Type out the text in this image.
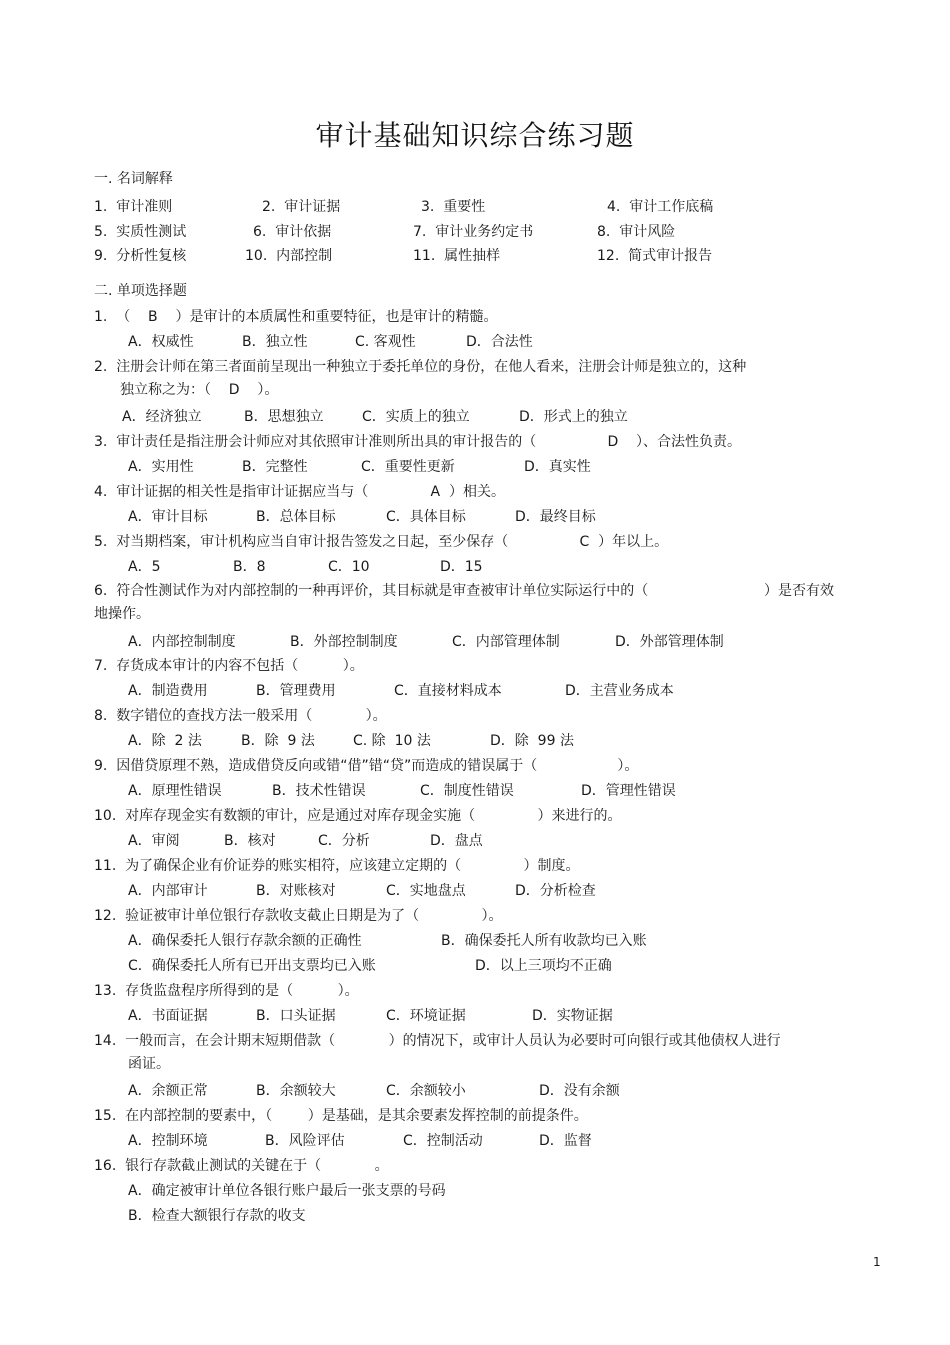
审计基础知识综合练习题
一. 名词解释
1.  审计准则	2.  审计证据	3.  重要性	4.  审计工作底稿
5.  实质性测试	6.  审计依据	7.  审计业务约定书	8.  审计风险
9.  分析性复核	10.  内部控制	11.  属性抽样	12.  简式审计报告
二. 单项选择题
1.  （    B    ）是审计的本质属性和重要特征，也是审计的精髓。
A．权威性	B．独立性	C. 客观性	D．合法性
2.  注册会计师在第三者面前呈现出一种独立于委托单位的身份，在他人看来，注册会计师是独立的，这种
独立称之为：（    D    ）。
A．经济独立	B．思想独立	C．实质上的独立	D．形式上的独立
3.  审计责任是指注册会计师应对其依照审计准则所出具的审计报告的（                D    ）、合法性负责。
A．实用性	B．完整性	C．重要性更新	D．真实性
4.  审计证据的相关性是指审计证据应当与（              A  ）相关。
A．审计目标	B．总体目标	C．具体目标	D．最终目标
5.  对当期档案，审计机构应当自审计报告签发之日起，至少保存（                C  ）年以上。
A．5	B．8	C．10	D．15
6.  符合性测试作为对内部控制的一种再评价，其目标就是审查被审计单位实际运行中的（                          ）是否有效
地操作。
A．内部控制制度	B．外部控制制度	C．内部管理体制	D．外部管理体制
7.  存货成本审计的内容不包括（          ）。
A．制造费用	B．管理费用	C．直接材料成本	D．主营业务成本
8.  数字错位的查找方法一般采用（            ）。
A．除  2 法	B．除  9 法	C. 除  10 法	D．除  99 法
9.  因借贷原理不熟，造成借贷反向或错“借”错“贷”而造成的错误属于（                  ）。
A．原理性错误	B．技术性错误	C．制度性错误	D．管理性错误
10.  对库存现金实有数额的审计，应是通过对库存现金实施（              ）来进行的。
A．审阅	B．核对	C．分析	D．盘点
11.  为了确保企业有价证券的账实相符，应该建立定期的（              ）制度。
A．内部审计	B．对账核对	C．实地盘点	D．分析检查
12.  验证被审计单位银行存款收支截止日期是为了（              ）。
A．确保委托人银行存款余额的正确性	B．确保委托人所有收款均已入账
C．确保委托人所有已开出支票均已入账	D．以上三项均不正确
13.  存货监盘程序所得到的是（          ）。
A．书面证据	B．口头证据	C．环境证据	D．实物证据
14.  一般而言，在会计期末短期借款（            ）的情况下，或审计人员认为必要时可向银行或其他债权人进行
函证。
A．余额正常	B．余额较大	C．余额较小	D．没有余额
15.  在内部控制的要素中，（        ）是基础，是其余要素发挥控制的前提条件。
A．控制环境	B．风险评估	C．控制活动	D．监督
16.  银行存款截止测试的关键在于（            。
A．确定被审计单位各银行账户最后一张支票的号码
B．检查大额银行存款的收支
1
